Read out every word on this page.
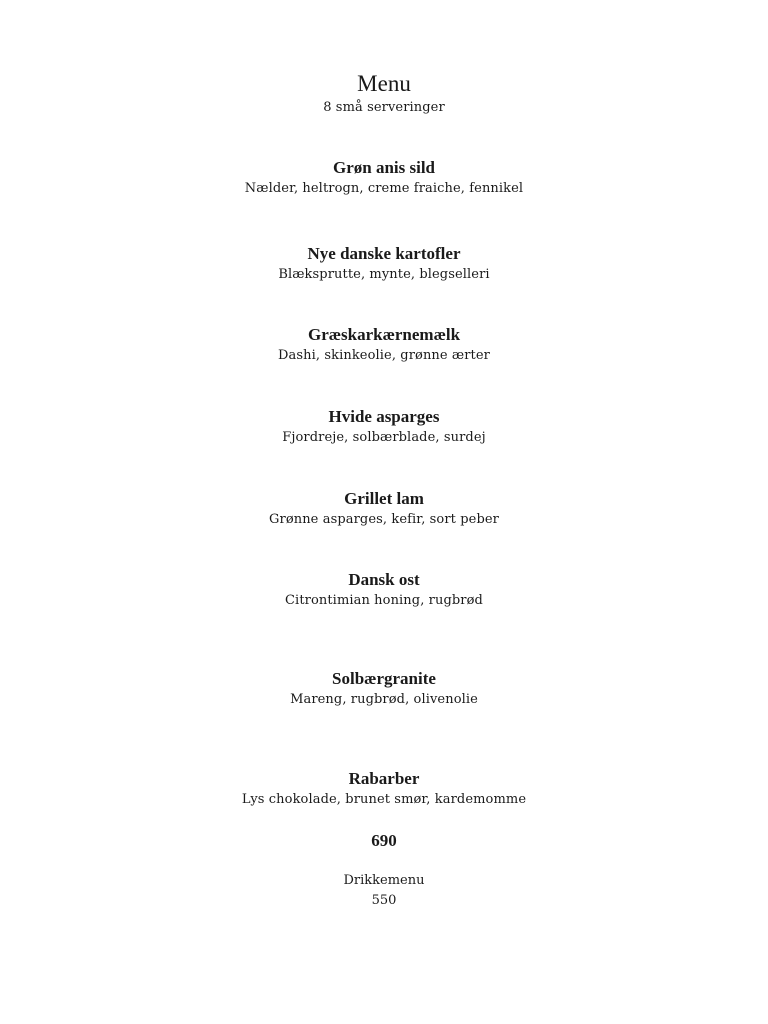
Menu

8 små serveringer

Grøn anis sild

Nælder, heltrogn, creme fraiche, fennikel

Nye danske kartofler

Blæksprutte, mynte, blegselleri

Græskarkærnemælk

Dashi, skinkeolie, grønne ærter

Hvide asparges

Fjordreje, solbærblade, surdej

Grillet lam

Grønne asparges, kefir, sort peber

Dansk ost

Citrontimian honing, rugbrød

Solbærgranite

Mareng, rugbrød, olivenolie

Rabarber

Lys chokolade, brunet smør, kardemomme

690

Drikkemenu

550
